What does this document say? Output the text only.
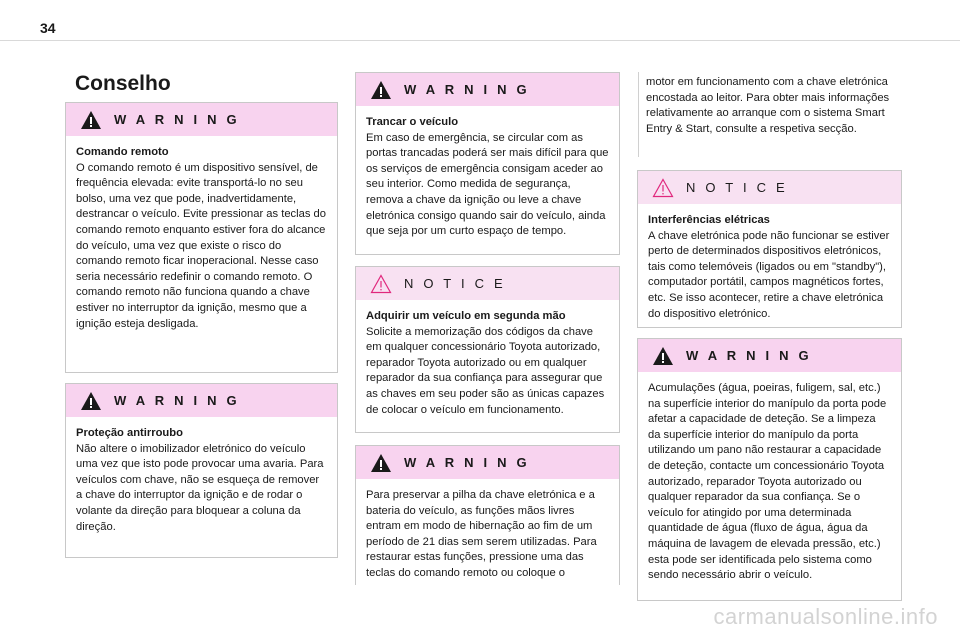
34
Conselho
W A R N I N G

Comando remoto

O comando remoto é um dispositivo sensível, de frequência elevada: evite transportá-lo no seu bolso, uma vez que pode, inadvertidamente, destrancar o veículo. Evite pressionar as teclas do comando remoto enquanto estiver fora do alcance do veículo, uma vez que existe o risco do comando remoto ficar inoperacional. Nesse caso seria necessário redefinir o comando remoto. O comando remoto não funciona quando a chave estiver no interruptor da ignição, mesmo que a ignição esteja desligada.

W A R N I N G

Proteção antirroubo

Não altere o imobilizador eletrónico do veículo uma vez que isto pode provocar uma avaria. Para veículos com chave, não se esqueça de remover a chave do interruptor da ignição e de rodar o volante da direção para bloquear a coluna da direção.

W A R N I N G

Trancar o veículo

Em caso de emergência, se circular com as portas trancadas poderá ser mais difícil para que os serviços de emergência consigam aceder ao seu interior. Como medida de segurança, remova a chave da ignição ou leve a chave eletrónica consigo quando sair do veículo, ainda que seja por um curto espaço de tempo.

N O T I C E

Adquirir um veículo em segunda mão

Solicite a memorização dos códigos da chave em qualquer concessionário Toyota autorizado, reparador Toyota autorizado ou em qualquer reparador da sua confiança para assegurar que as chaves em seu poder são as únicas capazes de colocar o veículo em funcionamento.

W A R N I N G

Para preservar a pilha da chave eletrónica e a bateria do veículo, as funções mãos livres entram em modo de hibernação ao fim de um período de 21 dias sem serem utilizadas. Para restaurar estas funções, pressione uma das teclas do comando remoto ou coloque o

motor em funcionamento com a chave eletrónica encostada ao leitor. Para obter mais informações relativamente ao arranque com o sistema Smart Entry & Start, consulte a respetiva secção.

N O T I C E

Interferências elétricas

A chave eletrónica pode não funcionar se estiver perto de determinados dispositivos eletrónicos, tais como telemóveis (ligados ou em "standby"), computador portátil, campos magnéticos fortes, etc. Se isso acontecer, retire a chave eletrónica do dispositivo eletrónico.

W A R N I N G

Acumulações (água, poeiras, fuligem, sal, etc.) na superfície interior do manípulo da porta pode afetar a capacidade de deteção. Se a limpeza da superfície interior do manípulo da porta utilizando um pano não restaurar a capacidade de deteção, contacte um concessionário Toyota autorizado, reparador Toyota autorizado ou qualquer reparador da sua confiança. Se o veículo for atingido por uma determinada quantidade de água (fluxo de água, água da máquina de lavagem de elevada pressão, etc.) esta pode ser identificada pelo sistema como sendo necessário abrir o veículo.

carmanualsonline.info
